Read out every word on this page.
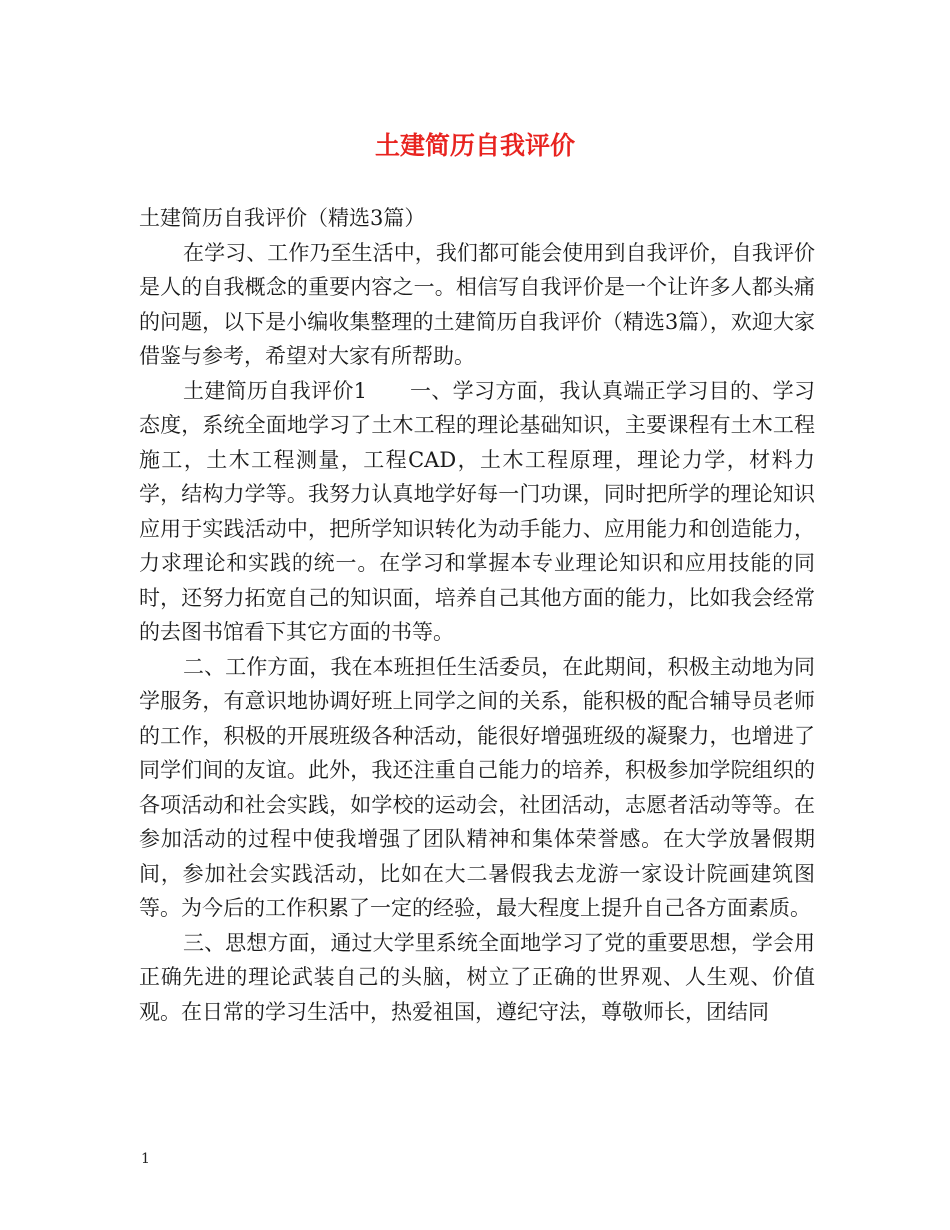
土建简历自我评价

土建简历自我评价（精选3篇）

在学习、工作乃至生活中，我们都可能会使用到自我评价，自我评价是人的自我概念的重要内容之一。相信写自我评价是一个让许多人都头痛的问题，以下是小编收集整理的土建简历自我评价（精选3篇），欢迎大家借鉴与参考，希望对大家有所帮助。

土建简历自我评价1　　一、学习方面，我认真端正学习目的、学习态度，系统全面地学习了土木工程的理论基础知识，主要课程有土木工程施工，土木工程测量，工程CAD，土木工程原理，理论力学，材料力学，结构力学等。我努力认真地学好每一门功课，同时把所学的理论知识应用于实践活动中，把所学知识转化为动手能力、应用能力和创造能力，力求理论和实践的统一。在学习和掌握本专业理论知识和应用技能的同时，还努力拓宽自己的知识面，培养自己其他方面的能力，比如我会经常的去图书馆看下其它方面的书等。

二、工作方面，我在本班担任生活委员，在此期间，积极主动地为同学服务，有意识地协调好班上同学之间的关系，能积极的配合辅导员老师的工作，积极的开展班级各种活动，能很好增强班级的凝聚力，也增进了同学们间的友谊。此外，我还注重自己能力的培养，积极参加学院组织的各项活动和社会实践，如学校的运动会，社团活动，志愿者活动等等。在参加活动的过程中使我增强了团队精神和集体荣誉感。在大学放暑假期间，参加社会实践活动，比如在大二暑假我去龙游一家设计院画建筑图等。为今后的工作积累了一定的经验，最大程度上提升自己各方面素质。

三、思想方面，通过大学里系统全面地学习了党的重要思想，学会用正确先进的理论武装自己的头脑，树立了正确的世界观、人生观、价值观。在日常的学习生活中，热爱祖国，遵纪守法，尊敬师长，团结同

1
